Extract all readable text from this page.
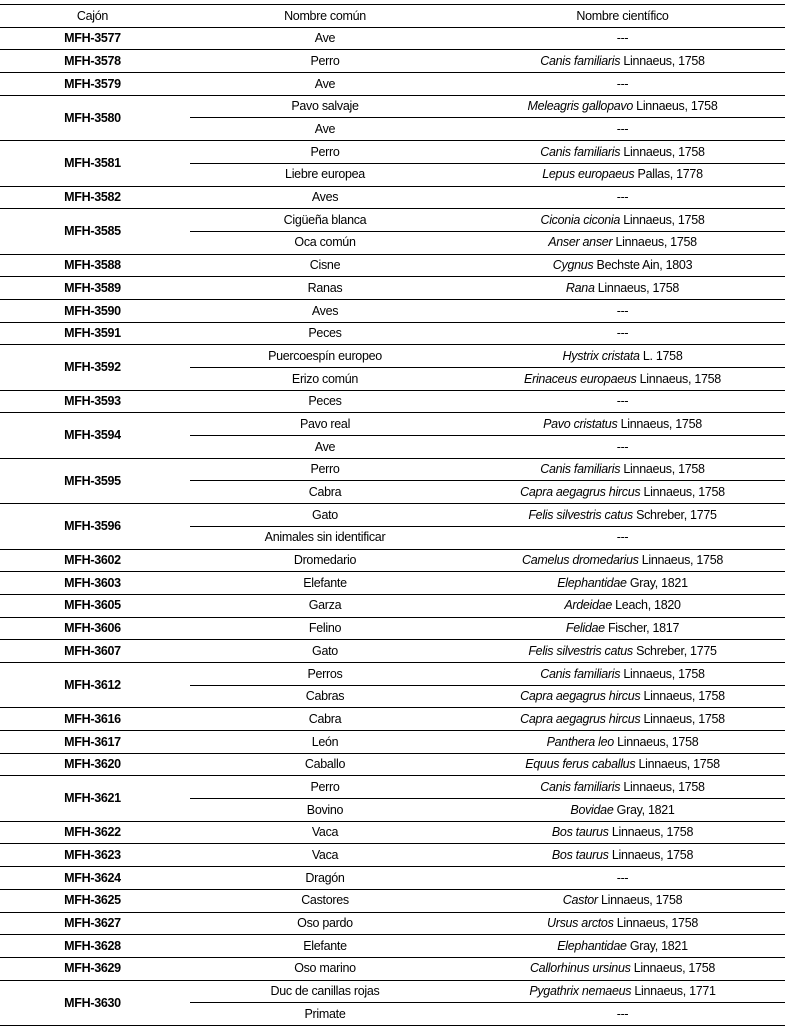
Cajón		Nombre común	Nombre científico
MFH-3577		Ave	---
MFH-3578		Perro	Canis familiaris Linnaeus, 1758
MFH-3579		Ave	---
MFH-3580		Pavo salvaje	Meleagris gallopavo Linnaeus, 1758
		Ave	---
MFH-3581		Perro	Canis familiaris Linnaeus, 1758
		Liebre europea	Lepus europaeus Pallas, 1778
MFH-3582		Aves	---
MFH-3585		Cigüeña blanca	Ciconia ciconia Linnaeus, 1758
		Oca común	Anser anser Linnaeus, 1758
MFH-3588		Cisne	Cygnus Bechste Ain, 1803
MFH-3589		Ranas	Rana Linnaeus, 1758
MFH-3590		Aves	---
MFH-3591		Peces	---
MFH-3592		Puercoespín europeo	Hystrix cristata L. 1758
		Erizo común	Erinaceus europaeus Linnaeus, 1758
MFH-3593		Peces	---
MFH-3594		Pavo real	Pavo cristatus Linnaeus, 1758
		Ave	---
MFH-3595		Perro	Canis familiaris Linnaeus, 1758
		Cabra	Capra aegagrus hircus Linnaeus, 1758
MFH-3596		Gato	Felis silvestris catus Schreber, 1775
		Animales sin identificar	---
MFH-3602		Dromedario	Camelus dromedarius Linnaeus, 1758
MFH-3603		Elefante	Elephantidae Gray, 1821
MFH-3605		Garza	Ardeidae Leach, 1820
MFH-3606		Felino	Felidae Fischer, 1817
MFH-3607		Gato	Felis silvestris catus Schreber, 1775
MFH-3612		Perros	Canis familiaris Linnaeus, 1758
		Cabras	Capra aegagrus hircus Linnaeus, 1758
MFH-3616		Cabra	Capra aegagrus hircus Linnaeus, 1758
MFH-3617		León	Panthera leo Linnaeus, 1758
MFH-3620		Caballo	Equus ferus caballus Linnaeus, 1758
MFH-3621		Perro	Canis familiaris Linnaeus, 1758
		Bovino	Bovidae Gray, 1821
MFH-3622		Vaca	Bos taurus Linnaeus, 1758
MFH-3623		Vaca	Bos taurus Linnaeus, 1758
MFH-3624		Dragón	---
MFH-3625		Castores	Castor Linnaeus, 1758
MFH-3627		Oso pardo	Ursus arctos Linnaeus, 1758
MFH-3628		Elefante	Elephantidae Gray, 1821
MFH-3629		Oso marino	Callorhinus ursinus Linnaeus, 1758
MFH-3630		Duc de canillas rojas	Pygathrix nemaeus Linnaeus, 1771
		Primate	---
